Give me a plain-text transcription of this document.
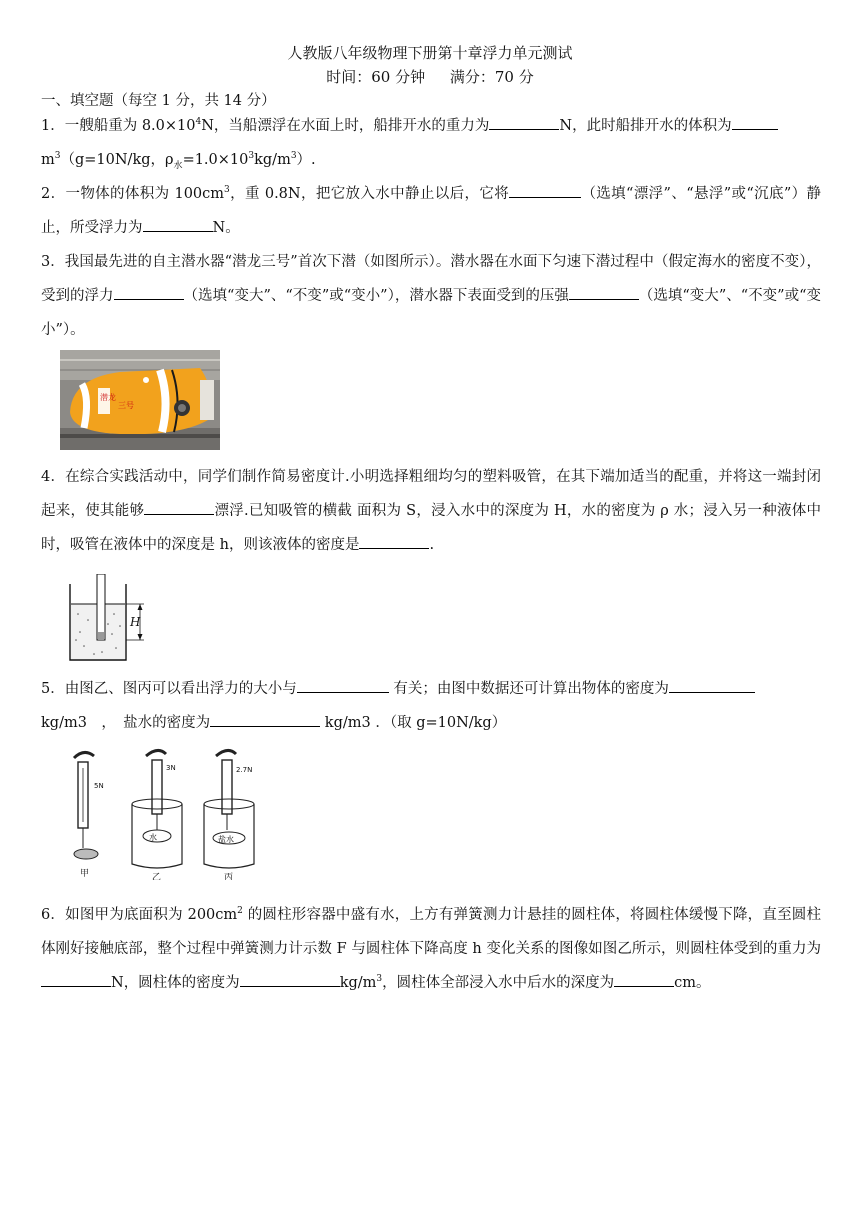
人教版八年级物理下册第十章浮力单元测试
时间：60 分钟 满分：70 分
一、填空题（每空 1 分，共 14 分）
1．一艘船重为 $8.0\times 10^4N$，当船漂浮在水面上时，船排开水的重力为	N，此时船排开水的体积为
$m^3(g=10N/kg$，$\rho_水=1.0\times 10^3kg/m^3$）.
2．一物体的体积为 $100cm^3$，重 0.8N，把它放入水中静止以后，它将	（选填“漂浮”、“悬浮”或“沉底”）静止，所受浮力为	N。
3．我国最先进的自主潜水器“潜龙三号”首次下潜（如图所示）。潜水器在水面下匀速下潜过程中（假定海水的密度不变），受到的浮力	（选填“变大”、“不变”或“变小”），潜水器下表面受到的压强	（选填“变大”、“不变”或“变小”）。
潜龙
三号
4．在综合实践活动中，同学们制作简易密度计.小明选择粗细均匀的塑料吸管，在其下端加适当的配重，并将这一端封闭起来，使其能够	漂浮.已知吸管的横截 面积为 S，浸入水中的深度为 H，水的密度为 ρ 水；浸入另一种液体中时，吸管在液体中的深度是 h，则该液体的密度是	.
H
5．由图乙、图丙可以看出浮力的大小与	有关；由图中数据还可计算出物体的密度为
kg/m3　，　盐水的密度为	kg/m3 ．（取 g=10N/kg）
5N
甲
水
3N
乙
盐水
2.7N
丙
6．如图甲为底面积为 $200cm^2$ 的圆柱形容器中盛有水，上方有弹簧测力计悬挂的圆柱体，将圆柱体缓慢下降，直至圆柱体刚好接触底部，整个过程中弹簧测力计示数 F 与圆柱体下降高度 h 变化关系的图像如图乙所示，则圆柱体受到的重力为N，圆柱体的密度为	$kg/m^3$，圆柱体全部浸入水中后水的深度为	cm。
